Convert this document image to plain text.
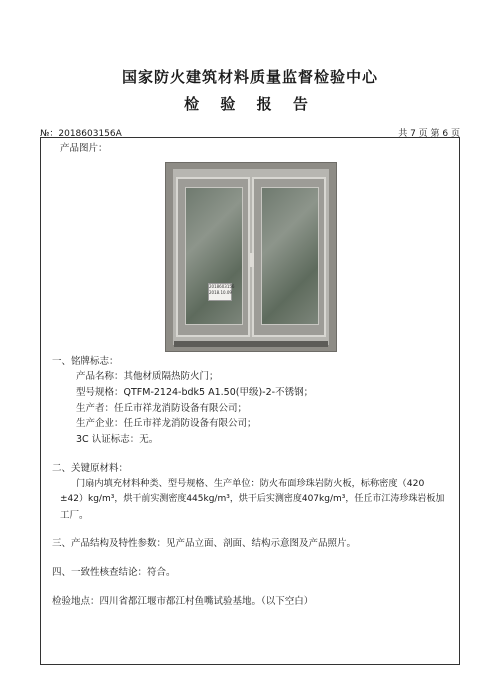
国家防火建筑材料质量监督检验中心
检 验 报 告
№：2018603156A	共 7 页 第 6 页
产品图片：
2018603156
2018.10.09
一、铭牌标志：
产品名称：其他材质隔热防火门；
型号规格：QTFM-2124-bdk5 A1.50(甲级)-2-不锈钢；
生产者：任丘市祥龙消防设备有限公司；
生产企业：任丘市祥龙消防设备有限公司；
3C 认证标志：无。
二、关键原材料：
门扇内填充材料种类、型号规格、生产单位：防火布面珍珠岩防火板，标称密度（420
±42）kg/m³，烘干前实测密度445kg/m³，烘干后实测密度407kg/m³，任丘市江涛珍珠岩板加
工厂。
三、产品结构及特性参数：见产品立面、剖面、结构示意图及产品照片。
四、一致性核查结论：符合。
检验地点：四川省都江堰市都江村鱼嘴试验基地。（以下空白）
